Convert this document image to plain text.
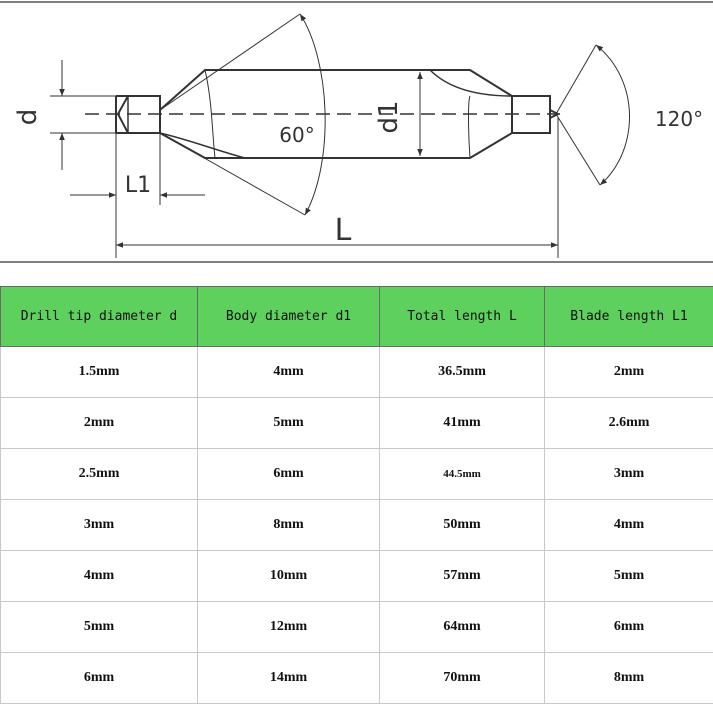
d	d1
60°
120°
L
L1
Drill tip diameter d	Body diameter d1	Total length L	Blade length L1
1.5mm	4mm	36.5mm	2mm
2mm	5mm	41mm	2.6mm
2.5mm	6mm	44.5mm	3mm
3mm	8mm	50mm	4mm
4mm	10mm	57mm	5mm
5mm	12mm	64mm	6mm
6mm	14mm	70mm	8mm
